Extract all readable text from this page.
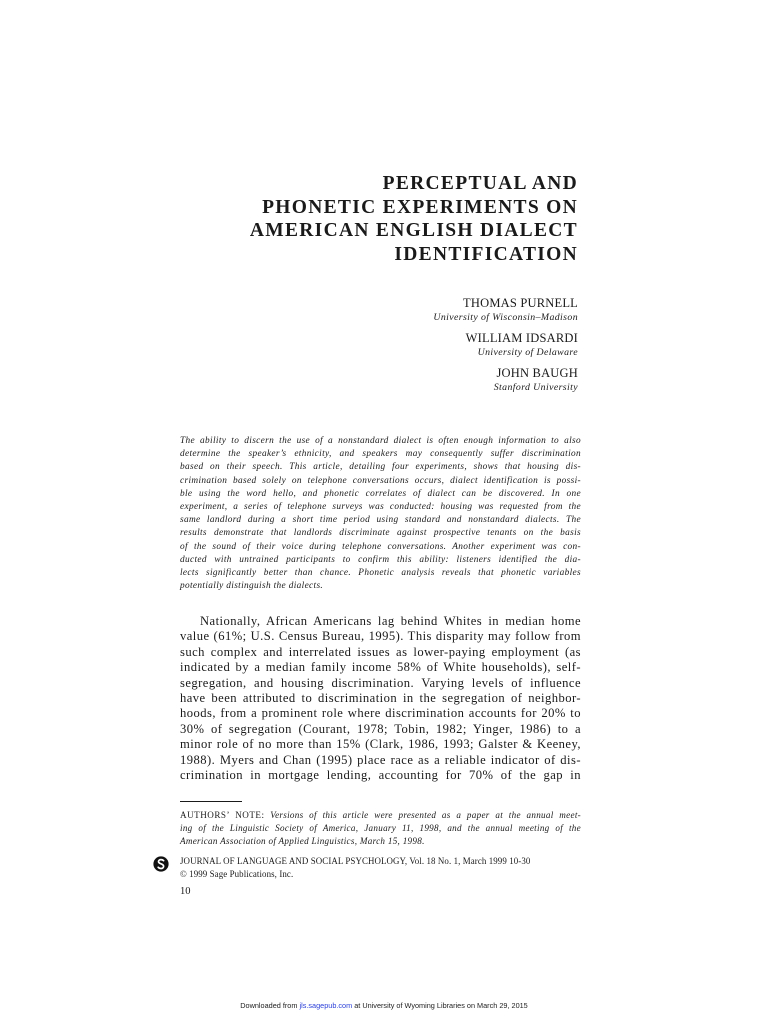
PERCEPTUAL AND
PHONETIC EXPERIMENTS ON
AMERICAN ENGLISH DIALECT
IDENTIFICATION
THOMAS PURNELL
University of Wisconsin–Madison
WILLIAM IDSARDI
University of Delaware
JOHN BAUGH
Stanford University
The ability to discern the use of a nonstandard dialect is often enough information to also
determine the speaker’s ethnicity, and speakers may consequently suffer discrimination
based on their speech. This article, detailing four experiments, shows that housing dis-
crimination based solely on telephone conversations occurs, dialect identification is possi-
ble using the word hello, and phonetic correlates of dialect can be discovered. In one
experiment, a series of telephone surveys was conducted: housing was requested from the
same landlord during a short time period using standard and nonstandard dialects. The
results demonstrate that landlords discriminate against prospective tenants on the basis
of the sound of their voice during telephone conversations. Another experiment was con-
ducted with untrained participants to confirm this ability: listeners identified the dia-
lects significantly better than chance. Phonetic analysis reveals that phonetic variables
potentially distinguish the dialects.
Nationally, African Americans lag behind Whites in median home
value (61%; U.S. Census Bureau, 1995). This disparity may follow from
such complex and interrelated issues as lower-paying employment (as
indicated by a median family income 58% of White households), self-
segregation, and housing discrimination. Varying levels of influence
have been attributed to discrimination in the segregation of neighbor-
hoods, from a prominent role where discrimination accounts for 20% to
30% of segregation (Courant, 1978; Tobin, 1982; Yinger, 1986) to a
minor role of no more than 15% (Clark, 1986, 1993; Galster & Keeney,
1988). Myers and Chan (1995) place race as a reliable indicator of dis-
crimination in mortgage lending, accounting for 70% of the gap in
AUTHORS’ NOTE: Versions of this article were presented as a paper at the annual meet-
ing of the Linguistic Society of America, January 11, 1998, and the annual meeting of the
American Association of Applied Linguistics, March 15, 1998.
JOURNAL OF LANGUAGE AND SOCIAL PSYCHOLOGY, Vol. 18 No. 1, March 1999 10-30
© 1999 Sage Publications, Inc.
10
Downloaded from jls.sagepub.com at University of Wyoming Libraries on March 29, 2015
